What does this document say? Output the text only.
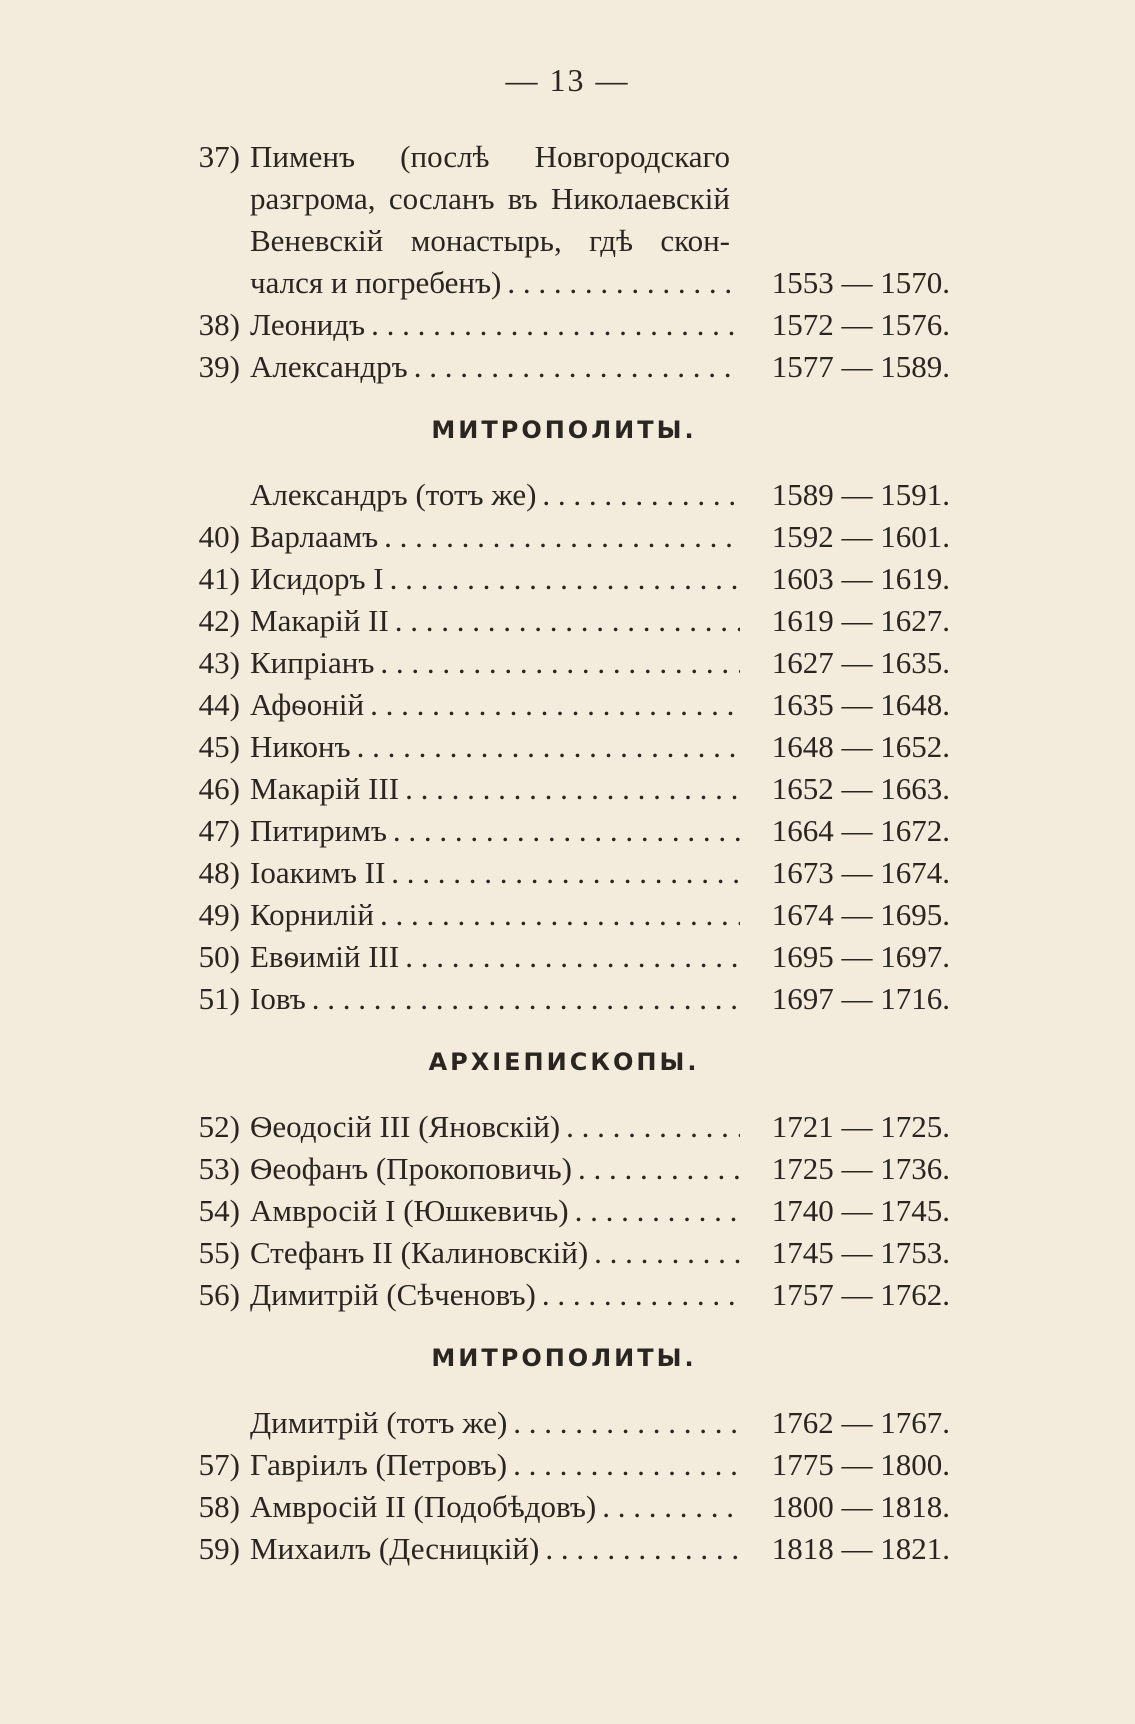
— 13 —
37) Пименъ (послѣ Новгородскаго
разгрома, сосланъ въ Николаевскій
Веневскій монастырь, гдѣ скон-
чался и погребенъ) . . .	1553 — 1570.
38) Леонидъ . . .	1572 — 1576.
39) Александръ . . .	1577 — 1589.
МИТРОПОЛИТЫ.
Александръ (тотъ же) . . .	1589 — 1591.
40) Варлаамъ . . .	1592 — 1601.
41) Исидоръ I . . .	1603 — 1619.
42) Макарій II . . .	1619 — 1627.
43) Кипріанъ . . .	1627 — 1635.
44) Афѳоній . . .	1635 — 1648.
45) Никонъ . . .	1648 — 1652.
46) Макарій III . . .	1652 — 1663.
47) Питиримъ . . .	1664 — 1672.
48) Іоакимъ II . . .	1673 — 1674.
49) Корнилій . . .	1674 — 1695.
50) Евѳимій III . . .	1695 — 1697.
51) Іовъ . . .	1697 — 1716.
АРХІЕПИСКОПЫ.
52) Ѳеодосій III (Яновскій) . . .	1721 — 1725.
53) Ѳеофанъ (Прокоповичь) . . .	1725 — 1736.
54) Амвросій I (Юшкевичь) . . .	1740 — 1745.
55) Стефанъ II (Калиновскій) . . .	1745 — 1753.
56) Димитрій (Сѣченовъ) . . .	1757 — 1762.
МИТРОПОЛИТЫ.
Димитрій (тотъ же) . . .	1762 — 1767.
57) Гавріилъ (Петровъ) . . .	1775 — 1800.
58) Амвросій II (Подобѣдовъ) . . .	1800 — 1818.
59) Михаилъ (Десницкій) . . .	1818 — 1821.
